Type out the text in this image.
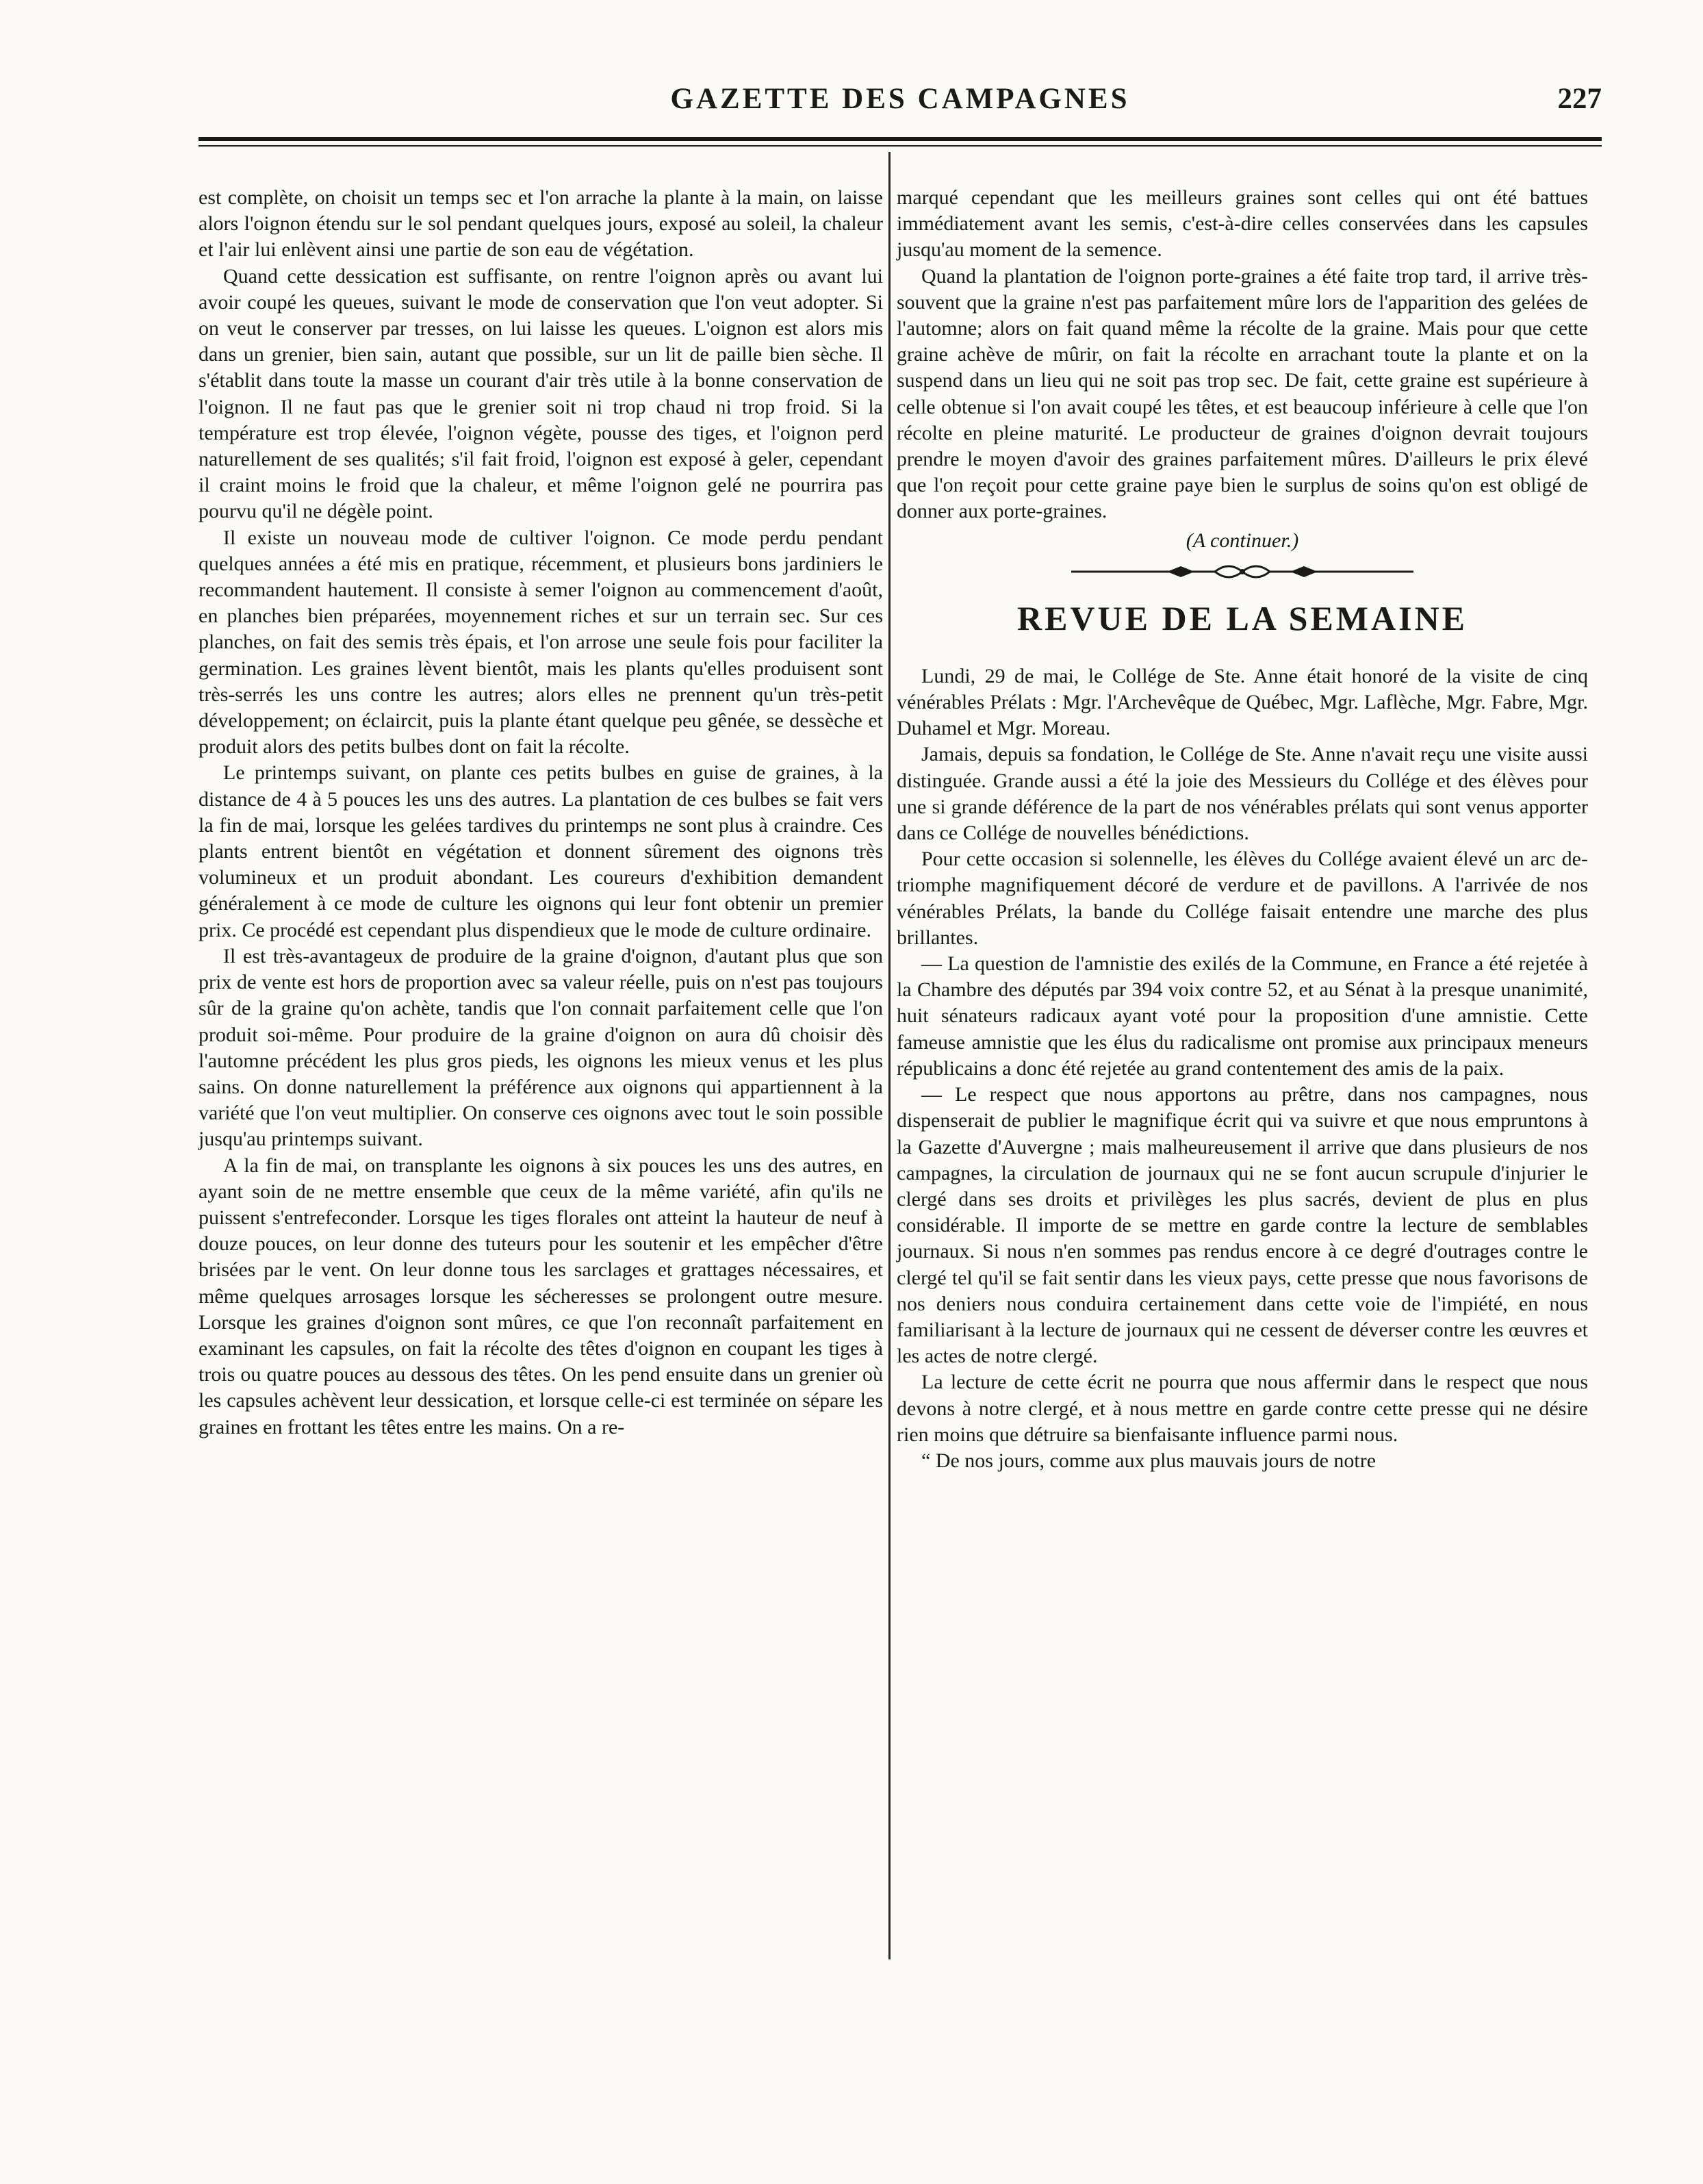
GAZETTE DES CAMPAGNES	227

est complète, on choisit un temps sec et l'on arrache la plante à la main, on laisse alors l'oignon étendu sur le sol pendant quelques jours, exposé au soleil, la chaleur et l'air lui enlèvent ainsi une partie de son eau de végétation.

Quand cette dessication est suffisante, on rentre l'oignon après ou avant lui avoir coupé les queues, suivant le mode de conservation que l'on veut adopter. Si on veut le conserver par tresses, on lui laisse les queues. L'oignon est alors mis dans un grenier, bien sain, autant que possible, sur un lit de paille bien sèche. Il s'établit dans toute la masse un courant d'air très utile à la bonne conservation de l'oignon. Il ne faut pas que le grenier soit ni trop chaud ni trop froid. Si la température est trop élevée, l'oignon végète, pousse des tiges, et l'oignon perd naturellement de ses qualités; s'il fait froid, l'oignon est exposé à geler, cependant il craint moins le froid que la chaleur, et même l'oignon gelé ne pourrira pas pourvu qu'il ne dégèle point.

Il existe un nouveau mode de cultiver l'oignon. Ce mode perdu pendant quelques années a été mis en pratique, récemment, et plusieurs bons jardiniers le recommandent hautement. Il consiste à semer l'oignon au commencement d'août, en planches bien préparées, moyennement riches et sur un terrain sec. Sur ces planches, on fait des semis très épais, et l'on arrose une seule fois pour faciliter la germination. Les graines lèvent bientôt, mais les plants qu'elles produisent sont très-serrés les uns contre les autres; alors elles ne prennent qu'un très-petit développement; on éclaircit, puis la plante étant quelque peu gênée, se dessèche et produit alors des petits bulbes dont on fait la récolte.

Le printemps suivant, on plante ces petits bulbes en guise de graines, à la distance de 4 à 5 pouces les uns des autres. La plantation de ces bulbes se fait vers la fin de mai, lorsque les gelées tardives du printemps ne sont plus à craindre. Ces plants entrent bientôt en végétation et donnent sûrement des oignons très volumineux et un produit abondant. Les coureurs d'exhibition demandent généralement à ce mode de culture les oignons qui leur font obtenir un premier prix. Ce procédé est cependant plus dispendieux que le mode de culture ordinaire.

Il est très-avantageux de produire de la graine d'oignon, d'autant plus que son prix de vente est hors de proportion avec sa valeur réelle, puis on n'est pas toujours sûr de la graine qu'on achète, tandis que l'on connait parfaitement celle que l'on produit soi-même. Pour produire de la graine d'oignon on aura dû choisir dès l'automne précédent les plus gros pieds, les oignons les mieux venus et les plus sains. On donne naturellement la préférence aux oignons qui appartiennent à la variété que l'on veut multiplier. On conserve ces oignons avec tout le soin possible jusqu'au printemps suivant.

A la fin de mai, on transplante les oignons à six pouces les uns des autres, en ayant soin de ne mettre ensemble que ceux de la même variété, afin qu'ils ne puissent s'entrefeconder. Lorsque les tiges florales ont atteint la hauteur de neuf à douze pouces, on leur donne des tuteurs pour les soutenir et les empêcher d'être brisées par le vent. On leur donne tous les sarclages et grattages nécessaires, et même quelques arrosages lorsque les sécheresses se prolongent outre mesure. Lorsque les graines d'oignon sont mûres, ce que l'on reconnaît parfaitement en examinant les capsules, on fait la récolte des têtes d'oignon en coupant les tiges à trois ou quatre pouces au dessous des têtes. On les pend ensuite dans un grenier où les capsules achèvent leur dessication, et lorsque celle-ci est terminée on sépare les graines en frottant les têtes entre les mains. On a re-

marqué cependant que les meilleurs graines sont celles qui ont été battues immédiatement avant les semis, c'est-à-dire celles conservées dans les capsules jusqu'au moment de la semence.

Quand la plantation de l'oignon porte-graines a été faite trop tard, il arrive très-souvent que la graine n'est pas parfaitement mûre lors de l'apparition des gelées de l'automne; alors on fait quand même la récolte de la graine. Mais pour que cette graine achève de mûrir, on fait la récolte en arrachant toute la plante et on la suspend dans un lieu qui ne soit pas trop sec. De fait, cette graine est supérieure à celle obtenue si l'on avait coupé les têtes, et est beaucoup inférieure à celle que l'on récolte en pleine maturité. Le producteur de graines d'oignon devrait toujours prendre le moyen d'avoir des graines parfaitement mûres. D'ailleurs le prix élevé que l'on reçoit pour cette graine paye bien le surplus de soins qu'on est obligé de donner aux porte-graines.

(A continuer.)
REVUE DE LA SEMAINE

Lundi, 29 de mai, le Collége de Ste. Anne était honoré de la visite de cinq vénérables Prélats : Mgr. l'Archevêque de Québec, Mgr. Laflèche, Mgr. Fabre, Mgr. Duhamel et Mgr. Moreau.

Jamais, depuis sa fondation, le Collége de Ste. Anne n'avait reçu une visite aussi distinguée. Grande aussi a été la joie des Messieurs du Collége et des élèves pour une si grande déférence de la part de nos vénérables prélats qui sont venus apporter dans ce Collége de nouvelles bénédictions.

Pour cette occasion si solennelle, les élèves du Collége avaient élevé un arc de-triomphe magnifiquement décoré de verdure et de pavillons. A l'arrivée de nos vénérables Prélats, la bande du Collége faisait entendre une marche des plus brillantes.

— La question de l'amnistie des exilés de la Commune, en France a été rejetée à la Chambre des députés par 394 voix contre 52, et au Sénat à la presque unanimité, huit sénateurs radicaux ayant voté pour la proposition d'une amnistie. Cette fameuse amnistie que les élus du radicalisme ont promise aux principaux meneurs républicains a donc été rejetée au grand contentement des amis de la paix.

— Le respect que nous apportons au prêtre, dans nos campagnes, nous dispenserait de publier le magnifique écrit qui va suivre et que nous empruntons à la Gazette d'Auvergne ; mais malheureusement il arrive que dans plusieurs de nos campagnes, la circulation de journaux qui ne se font aucun scrupule d'injurier le clergé dans ses droits et privilèges les plus sacrés, devient de plus en plus considérable. Il importe de se mettre en garde contre la lecture de semblables journaux. Si nous n'en sommes pas rendus encore à ce degré d'outrages contre le clergé tel qu'il se fait sentir dans les vieux pays, cette presse que nous favorisons de nos deniers nous conduira certainement dans cette voie de l'impiété, en nous familiarisant à la lecture de journaux qui ne cessent de déverser contre les œuvres et les actes de notre clergé.

La lecture de cette écrit ne pourra que nous affermir dans le respect que nous devons à notre clergé, et à nous mettre en garde contre cette presse qui ne désire rien moins que détruire sa bienfaisante influence parmi nous.

“ De nos jours, comme aux plus mauvais jours de notre
